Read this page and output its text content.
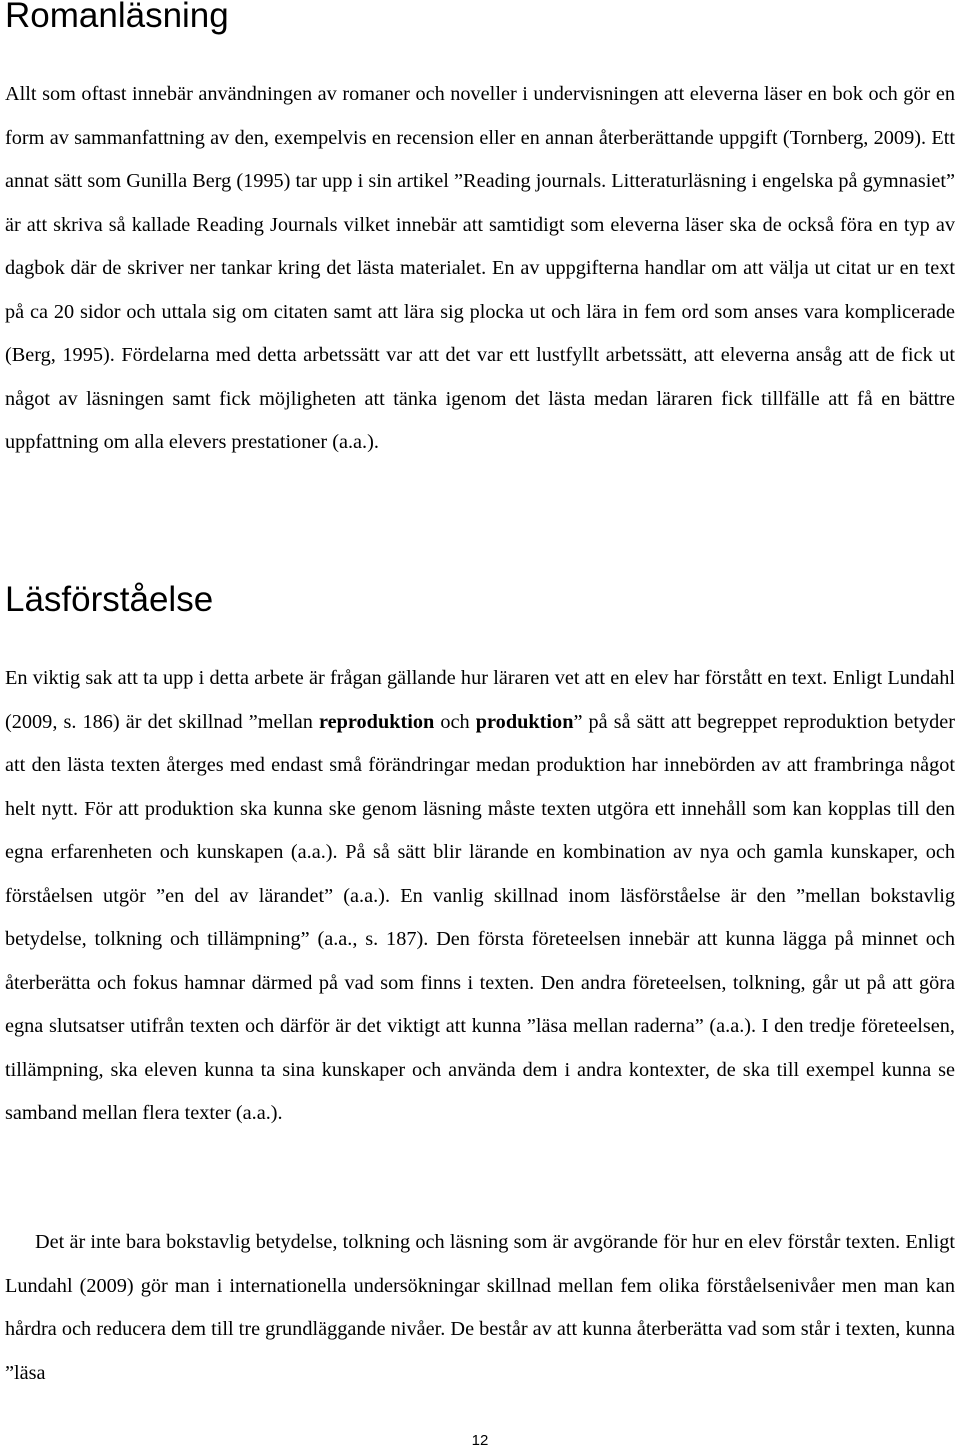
Romanläsning

Allt som oftast innebär användningen av romaner och noveller i undervisningen att eleverna läser en bok och gör en form av sammanfattning av den, exempelvis en recension eller en annan återberättande uppgift (Tornberg, 2009). Ett annat sätt som Gunilla Berg (1995) tar upp i sin artikel ”Reading journals. Litteraturläsning i engelska på gymnasiet” är att skriva så kallade Reading Journals vilket innebär att samtidigt som eleverna läser ska de också föra en typ av dagbok där de skriver ner tankar kring det lästa materialet. En av uppgifterna handlar om att välja ut citat ur en text på ca 20 sidor och uttala sig om citaten samt att lära sig plocka ut och lära in fem ord som anses vara komplicerade (Berg, 1995). Fördelarna med detta arbetssätt var att det var ett lustfyllt arbetssätt, att eleverna ansåg att de fick ut något av läsningen samt fick möjligheten att tänka igenom det lästa medan läraren fick tillfälle att få en bättre uppfattning om alla elevers prestationer (a.a.).

Läsförståelse

En viktig sak att ta upp i detta arbete är frågan gällande hur läraren vet att en elev har förstått en text. Enligt Lundahl (2009, s. 186) är det skillnad ”mellan reproduktion och produktion” på så sätt att begreppet reproduktion betyder att den lästa texten återges med endast små förändringar medan produktion har innebörden av att frambringa något helt nytt. För att produktion ska kunna ske genom läsning måste texten utgöra ett innehåll som kan kopplas till den egna erfarenheten och kunskapen (a.a.). På så sätt blir lärande en kombination av nya och gamla kunskaper, och förståelsen utgör ”en del av lärandet” (a.a.). En vanlig skillnad inom läsförståelse är den ”mellan bokstavlig betydelse, tolkning och tillämpning” (a.a., s. 187). Den första företeelsen innebär att kunna lägga på minnet och återberätta och fokus hamnar därmed på vad som finns i texten. Den andra företeelsen, tolkning, går ut på att göra egna slutsatser utifrån texten och därför är det viktigt att kunna ”läsa mellan raderna” (a.a.). I den tredje företeelsen, tillämpning, ska eleven kunna ta sina kunskaper och använda dem i andra kontexter, de ska till exempel kunna se samband mellan flera texter (a.a.).

Det är inte bara bokstavlig betydelse, tolkning och läsning som är avgörande för hur en elev förstår texten. Enligt Lundahl (2009) gör man i internationella undersökningar skillnad mellan fem olika förståelsenivåer men man kan hårdra och reducera dem till tre grundläggande nivåer. De består av att kunna återberätta vad som står i texten, kunna ”läsa

12
